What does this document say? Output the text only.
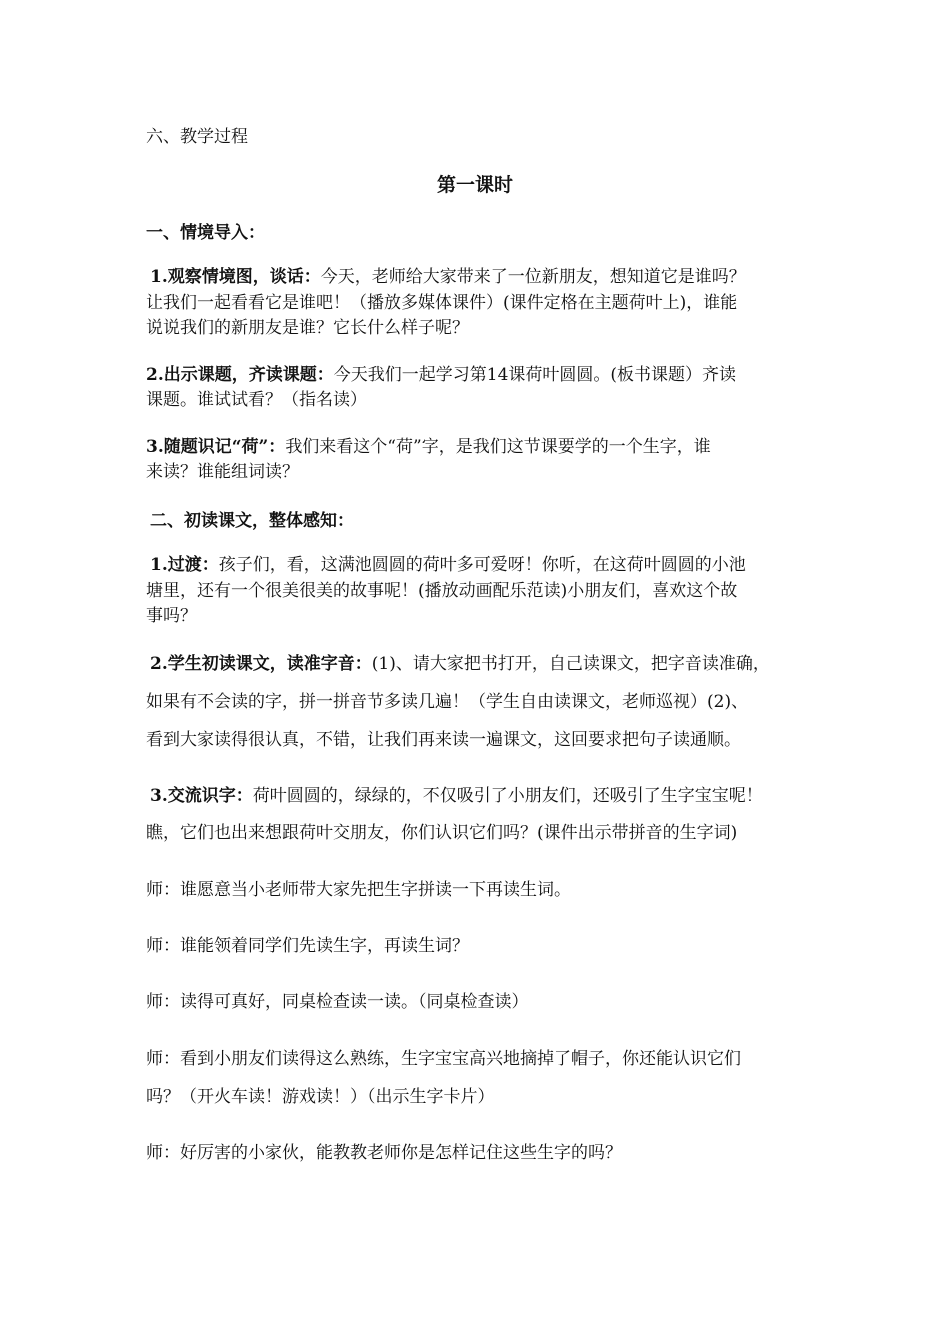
六、教学过程
第一课时
一、情境导入：
1.观察情境图，谈话：今天，老师给大家带来了一位新朋友，想知道它是谁吗？
让我们一起看看它是谁吧！（播放多媒体课件）(课件定格在主题荷叶上)，谁能
说说我们的新朋友是谁？它长什么样子呢？
2.出示课题，齐读课题：今天我们一起学习第14课荷叶圆圆。(板书课题）齐读
课题。谁试试看？（指名读）
3.随题识记“荷”：我们来看这个“荷”字，是我们这节课要学的一个生字，谁
来读？谁能组词读？
二、初读课文，整体感知：
1.过渡：孩子们，看，这满池圆圆的荷叶多可爱呀！你听，在这荷叶圆圆的小池
塘里，还有一个很美很美的故事呢！(播放动画配乐范读)小朋友们，喜欢这个故
事吗？
2.学生初读课文，读准字音：(1)、请大家把书打开，自己读课文，把字音读准确，
如果有不会读的字，拼一拼音节多读几遍！（学生自由读课文，老师巡视）(2)、
看到大家读得很认真，不错，让我们再来读一遍课文，这回要求把句子读通顺。
3.交流识字：荷叶圆圆的，绿绿的，不仅吸引了小朋友们，还吸引了生字宝宝呢！
瞧，它们也出来想跟荷叶交朋友，你们认识它们吗？(课件出示带拼音的生字词)
师：谁愿意当小老师带大家先把生字拼读一下再读生词。
师：谁能领着同学们先读生字，再读生词？
师：读得可真好，同桌检查读一读。（同桌检查读）
师：看到小朋友们读得这么熟练，生字宝宝高兴地摘掉了帽子，你还能认识它们
吗？（开火车读！游戏读！）（出示生字卡片）
师：好厉害的小家伙，能教教老师你是怎样记住这些生字的吗？
